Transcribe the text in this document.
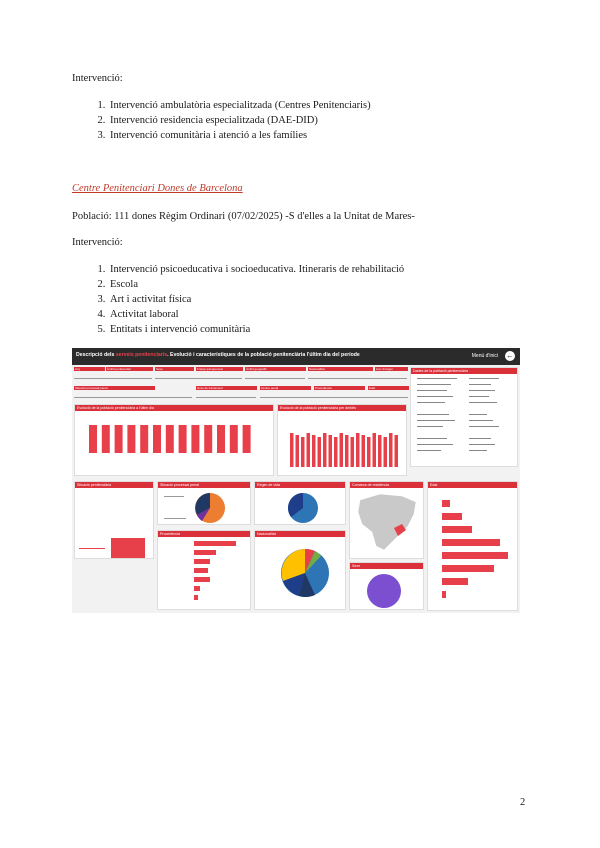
Intervenció:
1. Intervenció ambulatòria especialitzada (Centres Penitenciaris)
2. Intervenció residencia especialitzada (DAE-DID)
3. Intervenció comunitària i atenció a les famílies
Centre Penitenciari Dones de Barcelona
Població: 111 dones Règim Ordinari (07/02/2025) -S d'elles a la Unitat de Mares-
Intervenció:
1. Intervenció psicoeducativa i socioeducativa. Itineraris de rehabilitació
2. Escola
3. Art i activitat física
4. Activitat laboral
5. Entitats i intervenció comunitària
Descripció dels serveis penitenciaris. Evolució i característiques de la població penitenciària l'últim dia del període	Menú d'inici ←
Any	Àmbit penitenciari	Sexe	Franja quinquennal	Àmbit geogràfic	Nacionalitat	Lloc d'origen
Situació processal penal	Grau de tractament	Centre penal	Procedència	Edat
Dades de la població penitenciària
Evolució de la població penitenciària a l'últim dia	Evolució de la població penitenciària per àmbits
Situació penitenciària	Situació processal penal	Règim de vida	Comarca de residència	Edat
Procedència	Nacionalitat
Sexe
2
